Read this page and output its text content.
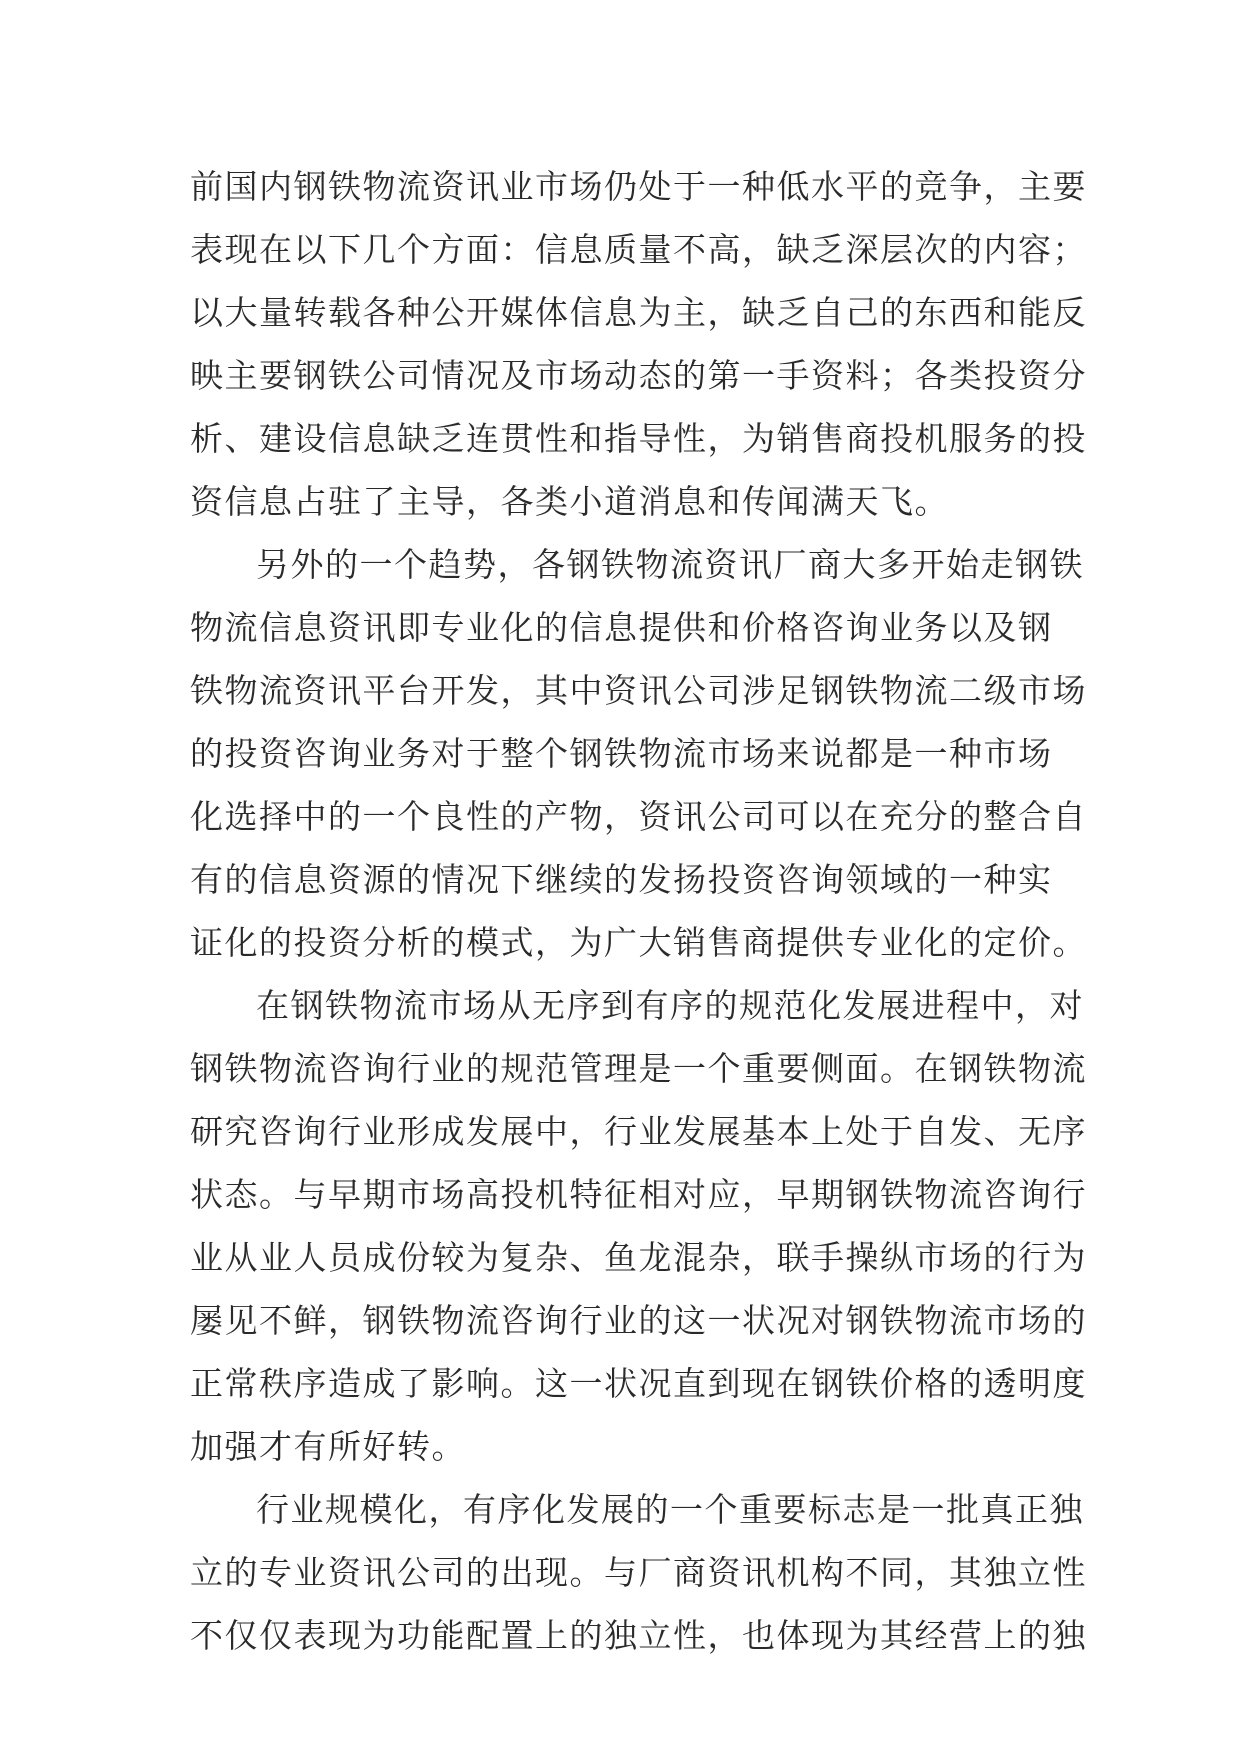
前国内钢铁物流资讯业市场仍处于一种低水平的竞争，主要
表现在以下几个方面：信息质量不高，缺乏深层次的内容；
以大量转载各种公开媒体信息为主，缺乏自己的东西和能反
映主要钢铁公司情况及市场动态的第一手资料；各类投资分
析、建设信息缺乏连贯性和指导性，为销售商投机服务的投
资信息占驻了主导，各类小道消息和传闻满天飞。
另外的一个趋势，各钢铁物流资讯厂商大多开始走钢铁
物流信息资讯即专业化的信息提供和价格咨询业务以及钢
铁物流资讯平台开发，其中资讯公司涉足钢铁物流二级市场
的投资咨询业务对于整个钢铁物流市场来说都是一种市场
化选择中的一个良性的产物，资讯公司可以在充分的整合自
有的信息资源的情况下继续的发扬投资咨询领域的一种实
证化的投资分析的模式，为广大销售商提供专业化的定价。
在钢铁物流市场从无序到有序的规范化发展进程中，对
钢铁物流咨询行业的规范管理是一个重要侧面。在钢铁物流
研究咨询行业形成发展中，行业发展基本上处于自发、无序
状态。与早期市场高投机特征相对应，早期钢铁物流咨询行
业从业人员成份较为复杂、鱼龙混杂，联手操纵市场的行为
屡见不鲜，钢铁物流咨询行业的这一状况对钢铁物流市场的
正常秩序造成了影响。这一状况直到现在钢铁价格的透明度
加强才有所好转。
行业规模化，有序化发展的一个重要标志是一批真正独
立的专业资讯公司的出现。与厂商资讯机构不同，其独立性
不仅仅表现为功能配置上的独立性，也体现为其经营上的独
